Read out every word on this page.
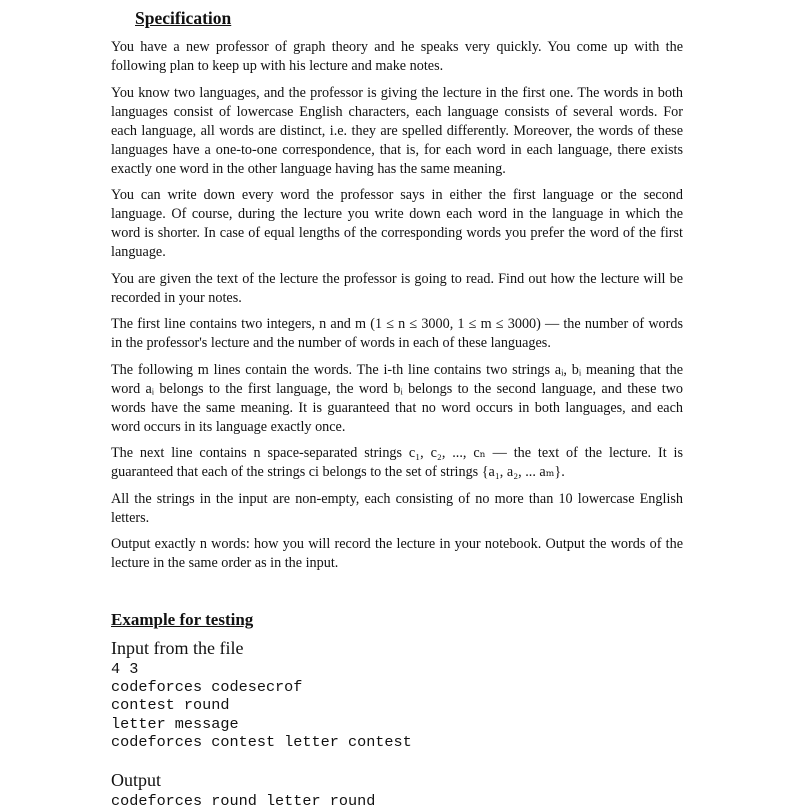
Specification

You have a new professor of graph theory and he speaks very quickly. You come up with the following plan to keep up with his lecture and make notes.

You know two languages, and the professor is giving the lecture in the first one. The words in both languages consist of lowercase English characters, each language consists of several words. For each language, all words are distinct, i.e. they are spelled differently. Moreover, the words of these languages have a one-to-one correspondence, that is, for each word in each language, there exists exactly one word in the other language having has the same meaning.

You can write down every word the professor says in either the first language or the second language. Of course, during the lecture you write down each word in the language in which the word is shorter. In case of equal lengths of the corresponding words you prefer the word of the first language.

You are given the text of the lecture the professor is going to read. Find out how the lecture will be recorded in your notes.

The first line contains two integers, n and m (1 ≤ n ≤ 3000, 1 ≤ m ≤ 3000) — the number of words in the professor's lecture and the number of words in each of these languages.

The following m lines contain the words. The i-th line contains two strings aᵢ, bᵢ meaning that the word aᵢ belongs to the first language, the word bᵢ belongs to the second language, and these two words have the same meaning. It is guaranteed that no word occurs in both languages, and each word occurs in its language exactly once.

The next line contains n space-separated strings c₁, c₂, ..., cₙ — the text of the lecture. It is guaranteed that each of the strings ci belongs to the set of strings {a₁, a₂, ... aₘ}.

All the strings in the input are non-empty, each consisting of no more than 10 lowercase English letters.

Output exactly n words: how you will record the lecture in your notebook. Output the words of the lecture in the same order as in the input.

Example for testing
Input from the file
4 3
codeforces codesecrof
contest round
letter message
codeforces contest letter contest
Output
codeforces round letter round
